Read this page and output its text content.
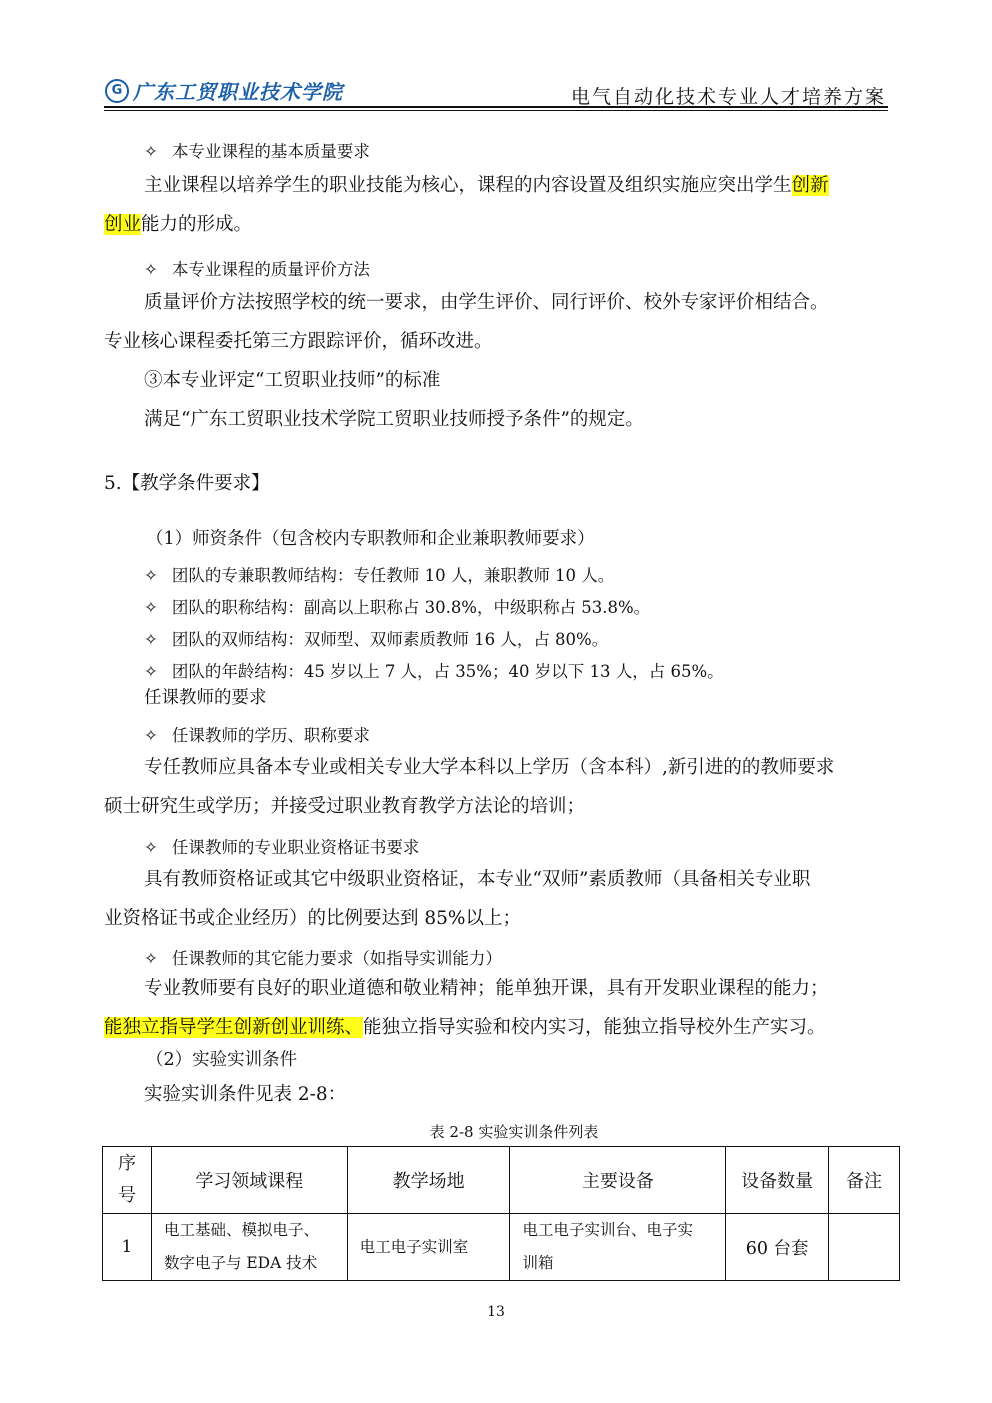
G 广东工贸职业技术学院	电气自动化技术专业人才培养方案
✧ 本专业课程的基本质量要求
主业课程以培养学生的职业技能为核心，课程的内容设置及组织实施应突出学生创新
创业能力的形成。
✧ 本专业课程的质量评价方法
质量评价方法按照学校的统一要求，由学生评价、同行评价、校外专家评价相结合。
专业核心课程委托第三方跟踪评价，循环改进。
③本专业评定“工贸职业技师”的标准
满足“广东工贸职业技术学院工贸职业技师授予条件”的规定。
5.【教学条件要求】
（1）师资条件（包含校内专职教师和企业兼职教师要求）
✧ 团队的专兼职教师结构：专任教师 10 人，兼职教师 10 人。
✧ 团队的职称结构：副高以上职称占 30.8%，中级职称占 53.8%。
✧ 团队的双师结构：双师型、双师素质教师 16 人，占 80%。
✧ 团队的年龄结构：45 岁以上 7 人，占 35%；40 岁以下 13 人，占 65%。
任课教师的要求
✧ 任课教师的学历、职称要求
专任教师应具备本专业或相关专业大学本科以上学历（含本科）,新引进的的教师要求
硕士研究生或学历；并接受过职业教育教学方法论的培训；
✧ 任课教师的专业职业资格证书要求
具有教师资格证或其它中级职业资格证，本专业“双师”素质教师（具备相关专业职
业资格证书或企业经历）的比例要达到 85%以上；
✧ 任课教师的其它能力要求（如指导实训能力）
专业教师要有良好的职业道德和敬业精神；能单独开课，具有开发职业课程的能力；
能独立指导学生创新创业训练、能独立指导实验和校内实习，能独立指导校外生产实习。
（2）实验实训条件
实验实训条件见表 2-8：
表 2-8 实验实训条件列表
序
号	学习领域课程	教学场地	主要设备	设备数量	备注
1	电工基础、模拟电子、
数字电子与 EDA 技术	电工电子实训室	电工电子实训台、电子实
训箱	60 台套	
13
